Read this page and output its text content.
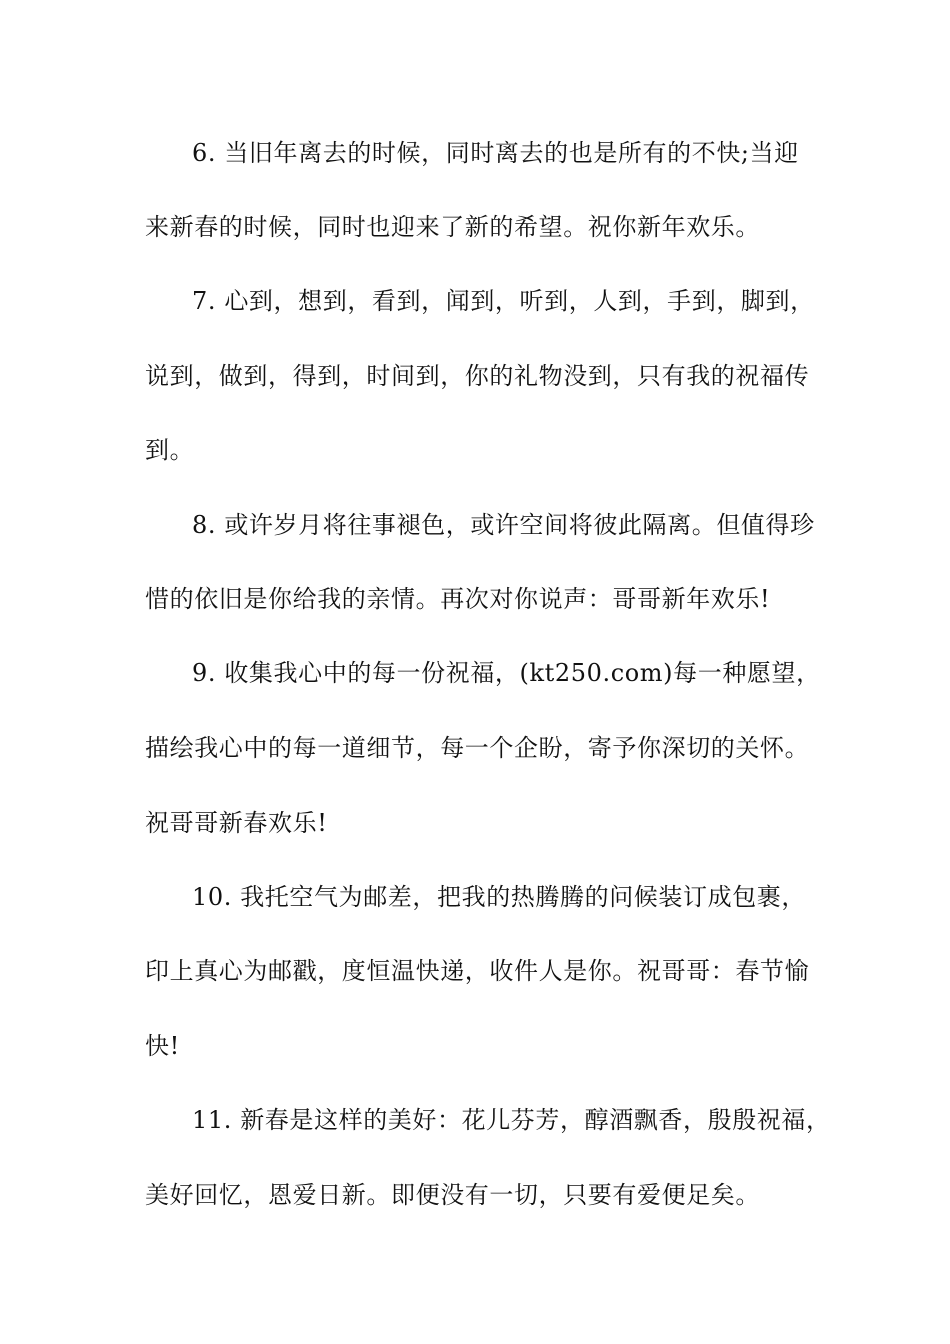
6. 当旧年离去的时候，同时离去的也是所有的不快;当迎
来新春的时候，同时也迎来了新的希望。祝你新年欢乐。
7. 心到，想到，看到，闻到，听到，人到，手到，脚到，
说到，做到，得到，时间到，你的礼物没到，只有我的祝福传
到。
8. 或许岁月将往事褪色，或许空间将彼此隔离。但值得珍
惜的依旧是你给我的亲情。再次对你说声：哥哥新年欢乐!
9. 收集我心中的每一份祝福，(kt250.com)每一种愿望，
描绘我心中的每一道细节，每一个企盼，寄予你深切的关怀。
祝哥哥新春欢乐!
10. 我托空气为邮差，把我的热腾腾的问候装订成包裹，
印上真心为邮戳，度恒温快递，收件人是你。祝哥哥：春节愉
快!
11. 新春是这样的美好：花儿芬芳，醇酒飘香，殷殷祝福，
美好回忆，恩爱日新。即便没有一切，只要有爱便足矣。
